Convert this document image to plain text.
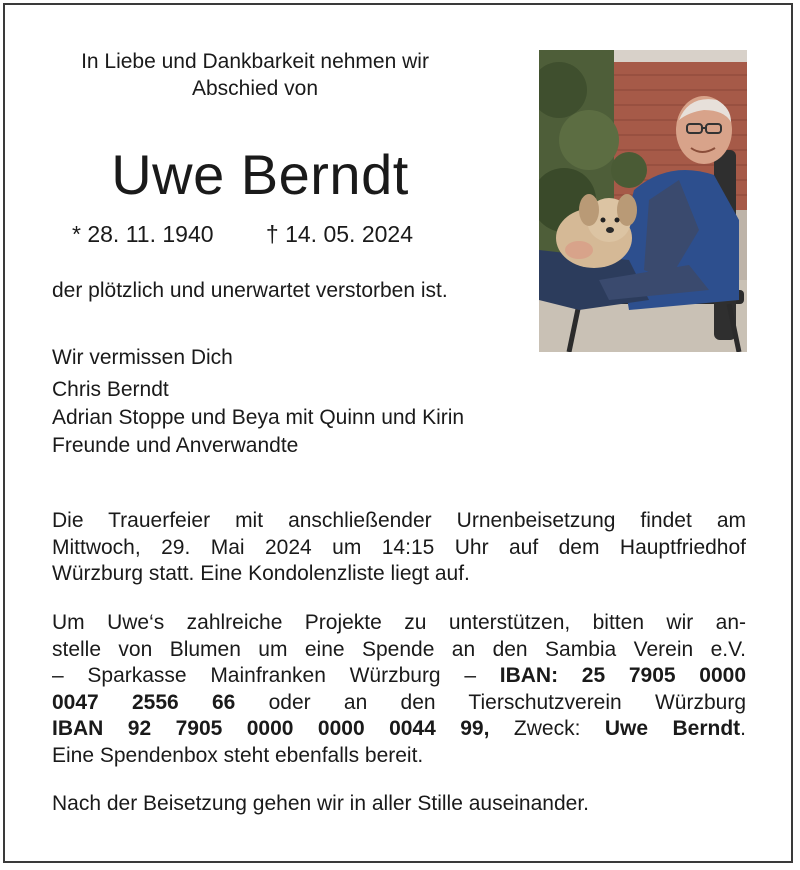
In Liebe und Dankbarkeit nehmen wir
Abschied von
Uwe Berndt
* 28. 11. 1940 † 14. 05. 2024
der plötzlich und unerwartet verstorben ist.
Wir vermissen Dich
Chris Berndt
Adrian Stoppe und Beya mit Quinn und Kirin
Freunde und Anverwandte
Die Trauerfeier mit anschließender Urnenbeisetzung findet am
Mittwoch, 29. Mai 2024 um 14:15 Uhr auf dem Hauptfriedhof
Würzburg statt. Eine Kondolenzliste liegt auf.
Um Uwe‘s zahlreiche Projekte zu unterstützen, bitten wir an-
stelle von Blumen um eine Spende an den Sambia Verein e.V.
– Sparkasse Mainfranken Würzburg – IBAN: 25 7905 0000
0047 2556 66 oder an den Tierschutzverein Würzburg
IBAN 92 7905 0000 0000 0044 99, Zweck: Uwe Berndt.
Eine Spendenbox steht ebenfalls bereit.
Nach der Beisetzung gehen wir in aller Stille auseinander.
